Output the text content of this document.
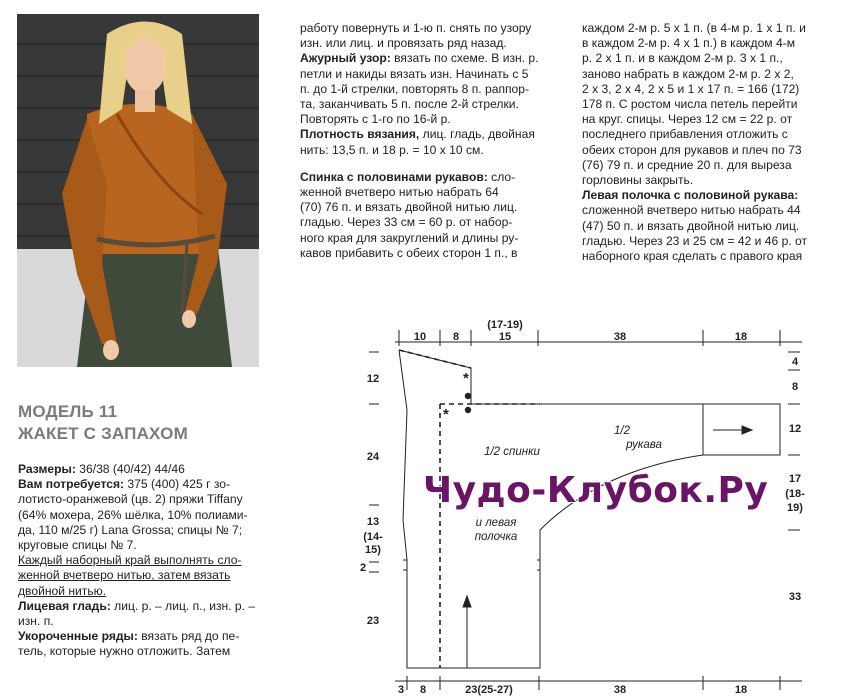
МОДЕЛЬ 11
ЖАКЕТ С ЗАПАХОМ

Размеры: 36/38 (40/42) 44/46

Вам потребуется: 375 (400) 425 г зо-

лотисто-оранжевой (цв. 2) пряжи Tiffany

(64% мохера, 26% шёлка, 10% полиами-

да, 110 м/25 г) Lana Grossa; спицы № 7;

круговые спицы № 7.

Каждый наборный край выполнять сло-

женной вчетверо нитью, затем вязать

двойной нитью.

Лицевая гладь: лиц. р. – лиц. п., изн. р. –

изн. п.

Укороченные ряды: вязать ряд до пе-

тель, которые нужно отложить. Затем

работу повернуть и 1-ю п. снять по узору

изн. или лиц. и провязать ряд назад.

Ажурный узор: вязать по схеме. В изн. р.

петли и накиды вязать изн. Начинать с 5

п. до 1-й стрелки, повторять 8 п. раппор-

та, заканчивать 5 п. после 2-й стрелки.

Повторять с 1-го по 16-й р.

Плотность вязания, лиц. гладь, двойная

нить: 13,5 п. и 18 р. = 10 х 10 см.

Спинка с половинами рукавов: сло-

женной вчетверо нитью набрать 64

(70) 76 п. и вязать двойной нитью лиц.

гладью. Через 33 см = 60 р. от набор-

ного края для закруглений и длины ру-

кавов прибавить с обеих сторон 1 п., в

каждом 2-м р. 5 х 1 п. (в 4-м р. 1 х 1 п. и

в каждом 2-м р. 4 х 1 п.) в каждом 4-м

р. 2 х 1 п. и в каждом 2-м р. 3 х 1 п.,

заново набрать в каждом 2-м р. 2 х 2,

2 х 3, 2 х 4, 2 х 5 и 1 х 17 п. = 166 (172)

178 п. С ростом числа петель перейти

на круг. спицы. Через 12 см = 22 р. от

последнего прибавления отложить с

обеих сторон для рукавов и плеч по 73

(76) 79 п. и средние 20 п. для выреза

горловины закрыть.

Левая полочка с половиной рукава:

сложенной вчетверо нитью набрать 44

(47) 50 п. и вязать двойной нитью лиц.

гладью. Через 23 и 25 см = 42 и 46 р. от

наборного края сделать с правого края

10 8
(17-19)
15	38	18
12
24
13
(14-
15)
2
23
4
8
12
17
(18-
19)
33
3 8	23(25-27)	38	18
*
*
1/2 спинки
1/2
рукава
и левая
полочка
Чудо-Клубок.Ру
